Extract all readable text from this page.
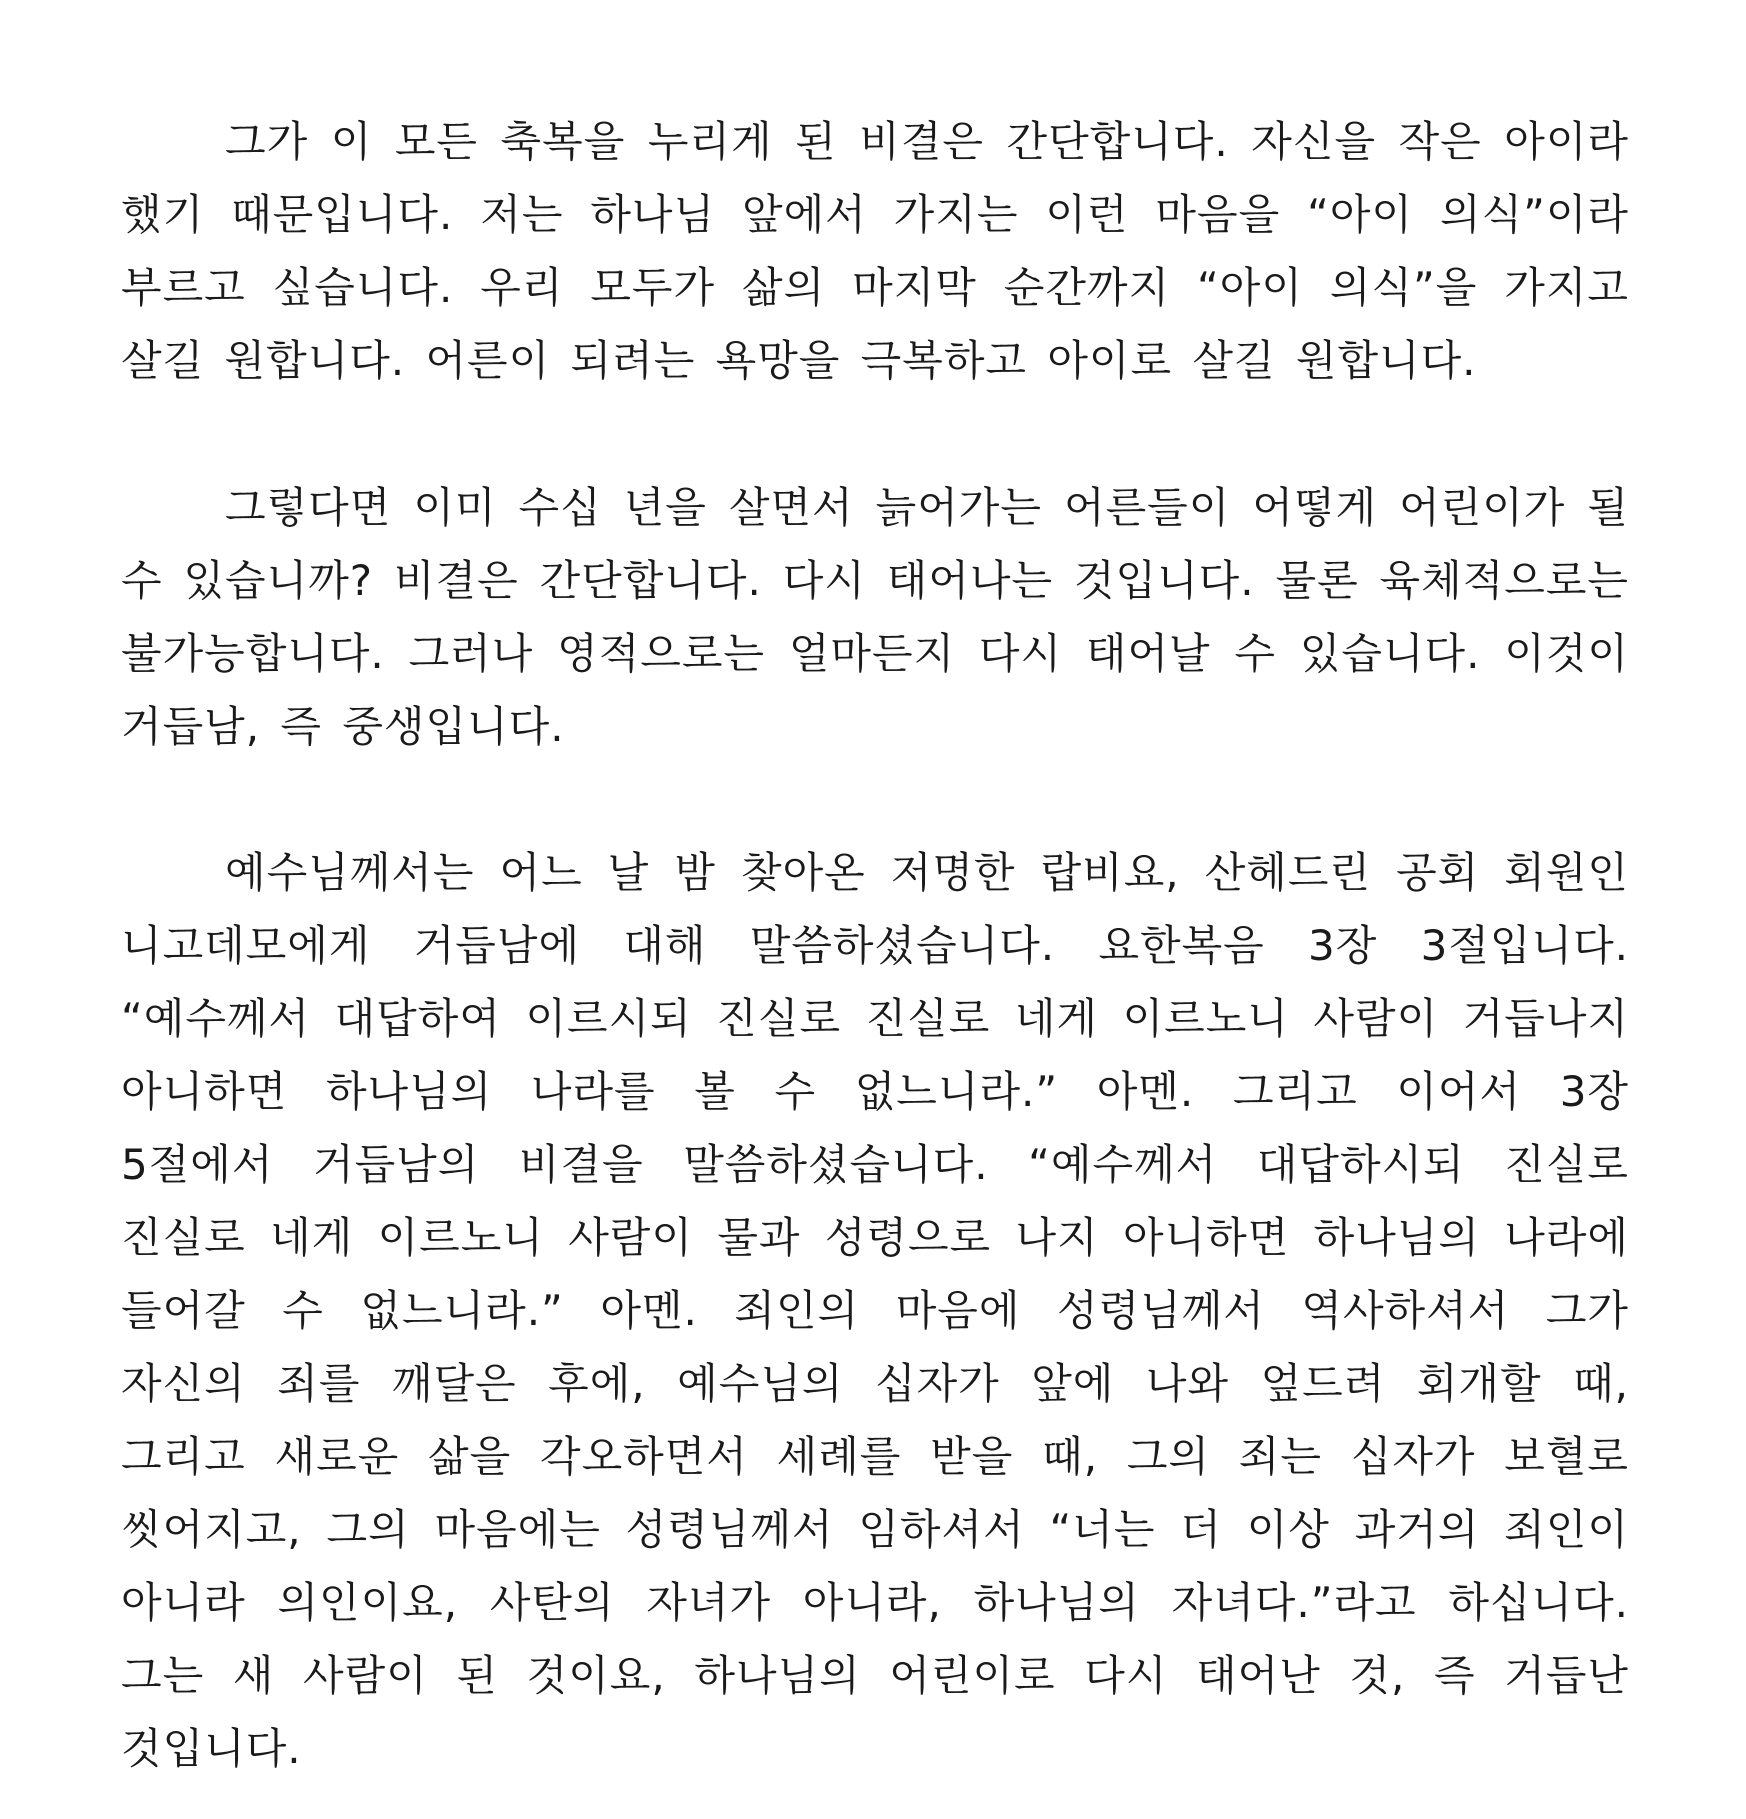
그가 이 모든 축복을 누리게 된 비결은 간단합니다. 자신을 작은 아이라 했기 때문입니다. 저는 하나님 앞에서 가지는 이런 마음을 “아이 의식”이라 부르고 싶습니다. 우리 모두가 삶의 마지막 순간까지 “아이 의식”을 가지고 살길 원합니다. 어른이 되려는 욕망을 극복하고 아이로 살길 원합니다.

그렇다면 이미 수십 년을 살면서 늙어가는 어른들이 어떻게 어린이가 될 수 있습니까? 비결은 간단합니다. 다시 태어나는 것입니다. 물론 육체적으로는 불가능합니다. 그러나 영적으로는 얼마든지 다시 태어날 수 있습니다. 이것이 거듭남, 즉 중생입니다.

예수님께서는 어느 날 밤 찾아온 저명한 랍비요, 산헤드린 공회 회원인 니고데모에게 거듭남에 대해 말씀하셨습니다. 요한복음 3장 3절입니다. “예수께서 대답하여 이르시되 진실로 진실로 네게 이르노니 사람이 거듭나지 아니하면 하나님의 나라를 볼 수 없느니라.” 아멘. 그리고 이어서 3장 5절에서 거듭남의 비결을 말씀하셨습니다. “예수께서 대답하시되 진실로 진실로 네게 이르노니 사람이 물과 성령으로 나지 아니하면 하나님의 나라에 들어갈 수 없느니라.” 아멘. 죄인의 마음에 성령님께서 역사하셔서 그가 자신의 죄를 깨달은 후에, 예수님의 십자가 앞에 나와 엎드려 회개할 때, 그리고 새로운 삶을 각오하면서 세례를 받을 때, 그의 죄는 십자가 보혈로 씻어지고, 그의 마음에는 성령님께서 임하셔서 “너는 더 이상 과거의 죄인이 아니라 의인이요, 사탄의 자녀가 아니라, 하나님의 자녀다.”라고 하십니다. 그는 새 사람이 된 것이요, 하나님의 어린이로 다시 태어난 것, 즉 거듭난 것입니다.
